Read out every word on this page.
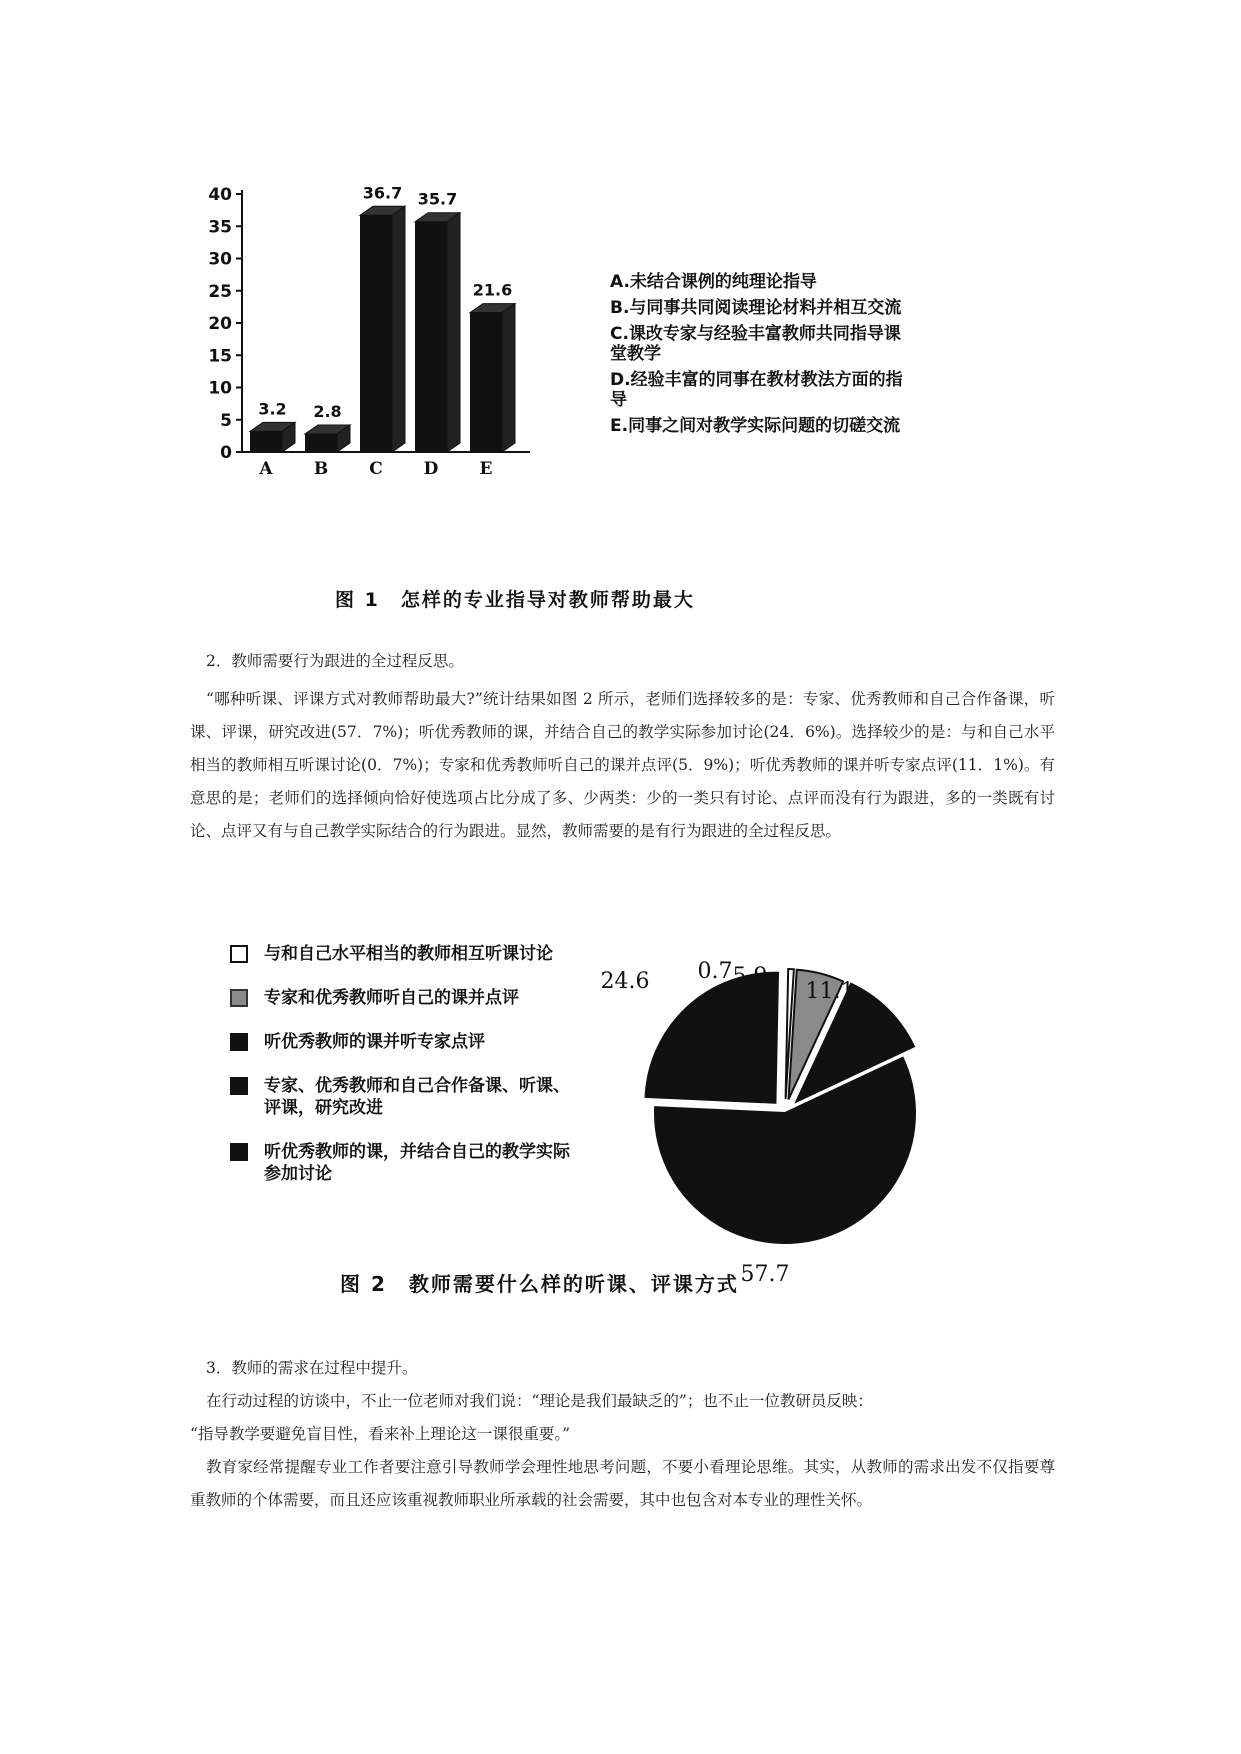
0
5
10
15
20
25
30
35
40
3.2
A
2.8
B
36.7
C
35.7
D
21.6
E
A.未结合课例的纯理论指导
B.与同事共同阅读理论材料并相互交流
C.课改专家与经验丰富教师共同指导课堂教学
D.经验丰富的同事在教材教法方面的指导
E.同事之间对教学实际问题的切磋交流
图 1　怎样的专业指导对教师帮助最大
2．教师需要行为跟进的全过程反思。
“哪种听课、评课方式对教师帮助最大?”统计结果如图 2 所示，老师们选择较多的是：专家、优秀教师和自己合作备课，听课、评课，研究改进(57．7%)；听优秀教师的课，并结合自己的教学实际参加讨论(24．6%)。选择较少的是：与和自己水平相当的教师相互听课讨论(0．7%)；专家和优秀教师听自己的课并点评(5．9%)；听优秀教师的课并听专家点评(11．1%)。有意思的是；老师们的选择倾向恰好使选项占比分成了多、少两类：少的一类只有讨论、点评而没有行为跟进，多的一类既有讨论、点评又有与自己教学实际结合的行为跟进。显然，教师需要的是有行为跟进的全过程反思。
与和自己水平相当的教师相互听课讨论
专家和优秀教师听自己的课并点评
听优秀教师的课并听专家点评
专家、优秀教师和自己合作备课、听课、评课，研究改进
听优秀教师的课，并结合自己的教学实际参加讨论
0.7 5.9
11.1
57.7
24.6
图 2　教师需要什么样的听课、评课方式
3．教师的需求在过程中提升。
在行动过程的访谈中，不止一位老师对我们说：“理论是我们最缺乏的”；也不止一位教研员反映：
“指导教学要避免盲目性，看来补上理论这一课很重要。”
教育家经常提醒专业工作者要注意引导教师学会理性地思考问题，不要小看理论思维。其实，从教师的需求出发不仅指要尊重教师的个体需要，而且还应该重视教师职业所承载的社会需要，其中也包含对本专业的理性关怀。
